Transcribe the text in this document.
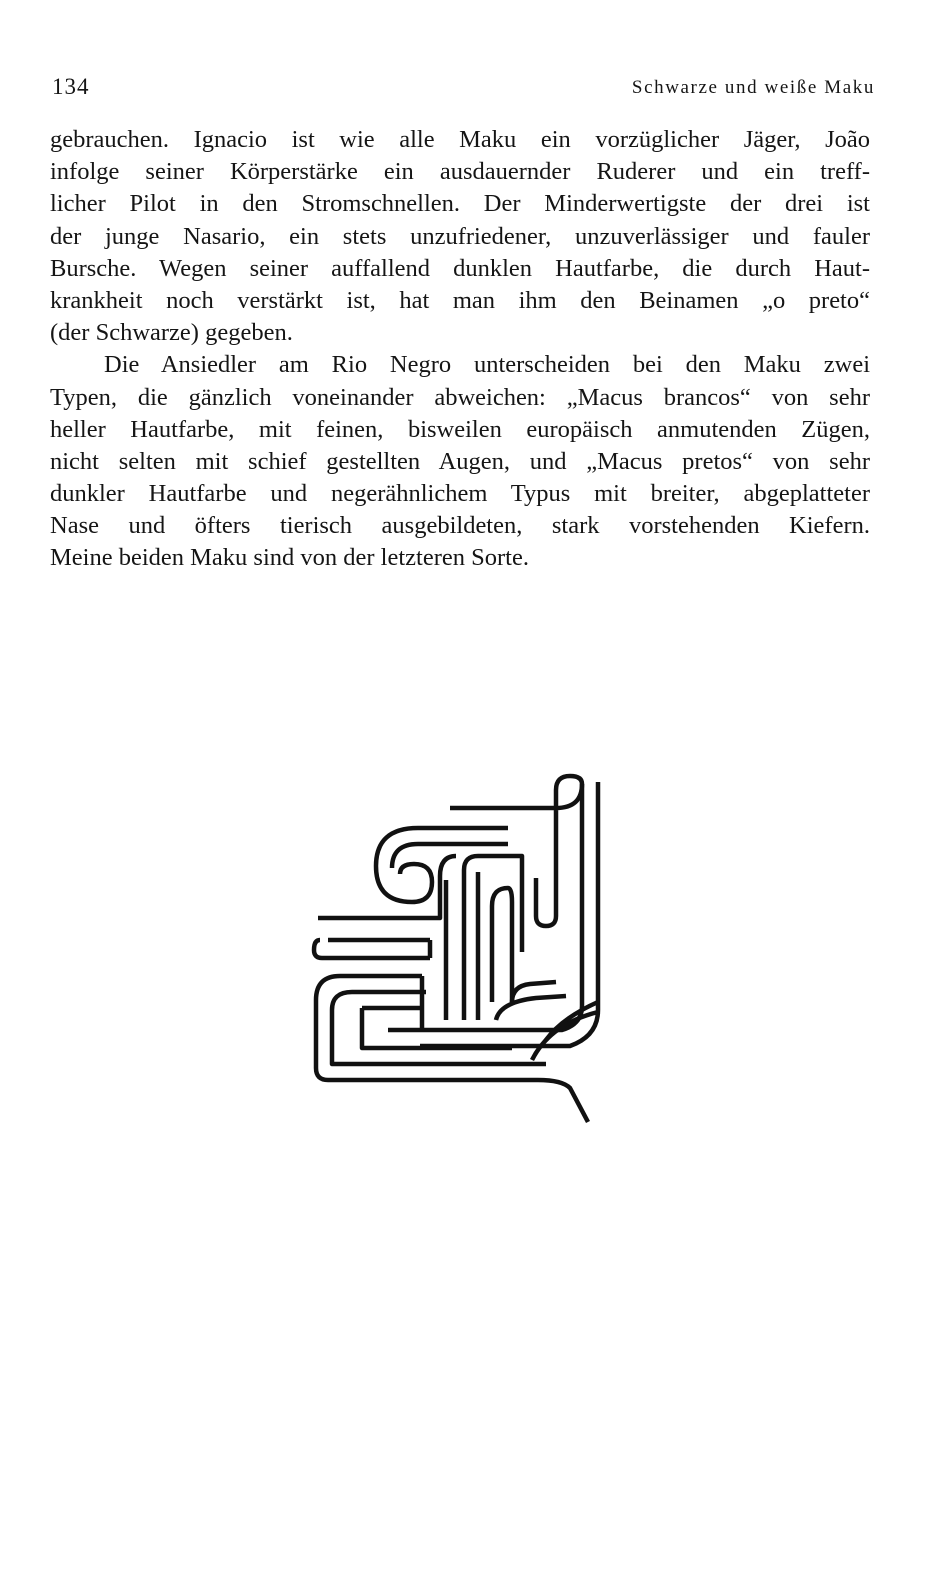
134	Schwarze und weiße Maku
gebrauchen. Ignacio ist wie alle Maku ein vorzüglicher Jäger, João
infolge seiner Körperstärke ein ausdauernder Ruderer und ein treff-
licher Pilot in den Stromschnellen. Der Minderwertigste der drei ist
der junge Nasario, ein stets unzufriedener, unzuverlässiger und fauler
Bursche. Wegen seiner auffallend dunklen Hautfarbe, die durch Haut-
krankheit noch verstärkt ist, hat man ihm den Beinamen „o preto“
(der Schwarze) gegeben.
Die Ansiedler am Rio Negro unterscheiden bei den Maku zwei
Typen, die gänzlich voneinander abweichen: „Macus brancos“ von sehr
heller Hautfarbe, mit feinen, bisweilen europäisch anmutenden Zügen,
nicht selten mit schief gestellten Augen, und „Macus pretos“ von sehr
dunkler Hautfarbe und negerähnlichem Typus mit breiter, abgeplatteter
Nase und öfters tierisch ausgebildeten, stark vorstehenden Kiefern.
Meine beiden Maku sind von der letzteren Sorte.
